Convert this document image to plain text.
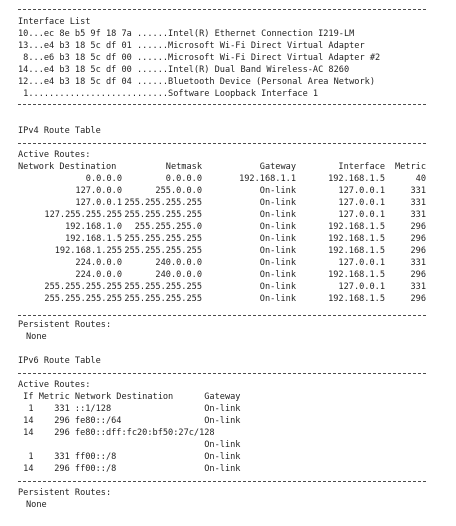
Interface List
10...ec 8e b5 9f 18 7a ......Intel(R) Ethernet Connection I219-LM
13...e4 b3 18 5c df 01 ......Microsoft Wi-Fi Direct Virtual Adapter
8...e6 b3 18 5c df 00 ......Microsoft Wi-Fi Direct Virtual Adapter #2
14...e4 b3 18 5c df 00 ......Intel(R) Dual Band Wireless-AC 8260
12...e4 b3 18 5c df 04 ......Bluetooth Device (Personal Area Network)
1...........................Software Loopback Interface 1
IPv4 Route Table
Active Routes:
Network Destination	Netmask	Gateway	Interface	Metric
0.0.0.0	0.0.0.0	192.168.1.1	192.168.1.5	40
127.0.0.0	255.0.0.0	On-link	127.0.0.1	331
127.0.0.1 255.255.255.255	On-link	127.0.0.1	331
127.255.255.255 255.255.255.255	On-link	127.0.0.1	331
192.168.1.0	255.255.255.0	On-link	192.168.1.5	296
192.168.1.5 255.255.255.255	On-link	192.168.1.5	296
192.168.1.255 255.255.255.255	On-link	192.168.1.5	296
224.0.0.0	240.0.0.0	On-link	127.0.0.1	331
224.0.0.0	240.0.0.0	On-link	192.168.1.5	296
255.255.255.255 255.255.255.255	On-link	127.0.0.1	331
255.255.255.255 255.255.255.255	On-link	192.168.1.5	296
Persistent Routes:
None
IPv6 Route Table
Active Routes:
If Metric Network Destination      Gateway
1    331 ::1/128                  On-link
14    296 fe80::/64                On-link
14    296 fe80::dff:fc20:bf50:27c/128
On-link
1    331 ff00::/8                 On-link
14    296 ff00::/8                 On-link
Persistent Routes:
None
